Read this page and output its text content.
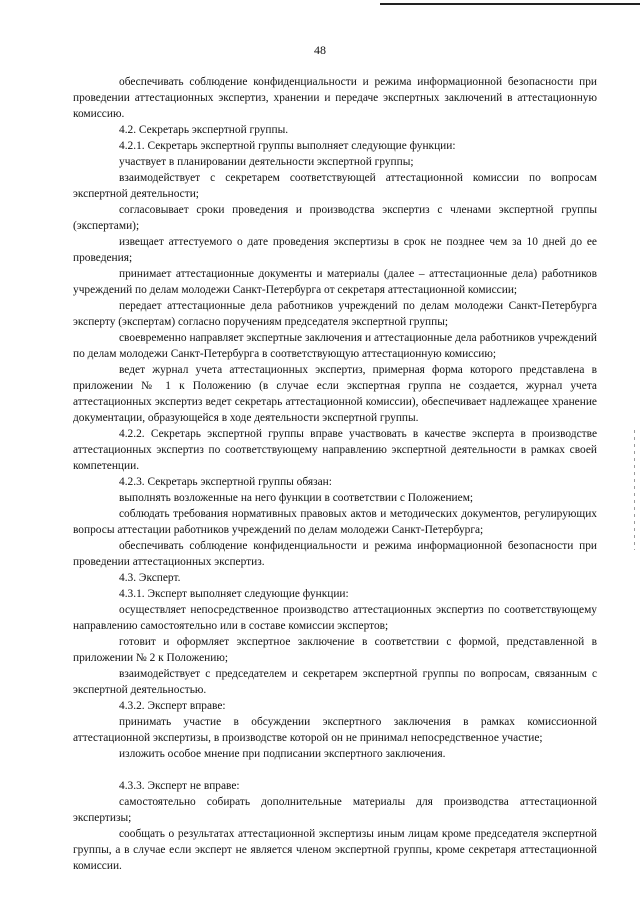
48

обеспечивать соблюдение конфиденциальности и режима информационной безопасности при проведении аттестационных экспертиз, хранении и передаче экспертных заключений в аттестационную комиссию.

4.2. Секретарь экспертной группы.

4.2.1. Секретарь экспертной группы выполняет следующие функции:

участвует в планировании деятельности экспертной группы;

взаимодействует с секретарем соответствующей аттестационной комиссии по вопросам экспертной деятельности;

согласовывает сроки проведения и производства экспертиз с членами экспертной группы (экспертами);

извещает аттестуемого о дате проведения экспертизы в срок не позднее чем за 10 дней до ее проведения;

принимает аттестационные документы и материалы (далее – аттестационные дела) работников учреждений по делам молодежи Санкт-Петербурга от секретаря аттестационной комиссии;

передает аттестационные дела работников учреждений по делам молодежи Санкт-Петербурга эксперту (экспертам) согласно поручениям председателя экспертной группы;

своевременно направляет экспертные заключения и аттестационные дела работников учреждений по делам молодежи Санкт-Петербурга в соответствующую аттестационную комиссию;

ведет журнал учета аттестационных экспертиз, примерная форма которого представлена в приложении № 1 к Положению (в случае если экспертная группа не создается, журнал учета аттестационных экспертиз ведет секретарь аттестационной комиссии), обеспечивает надлежащее хранение документации, образующейся в ходе деятельности экспертной группы.

4.2.2. Секретарь экспертной группы вправе участвовать в качестве эксперта в производстве аттестационных экспертиз по соответствующему направлению экспертной деятельности в рамках своей компетенции.

4.2.3. Секретарь экспертной группы обязан:

выполнять возложенные на него функции в соответствии с Положением;

соблюдать требования нормативных правовых актов и методических документов, регулирующих вопросы аттестации работников учреждений по делам молодежи Санкт-Петербурга;

обеспечивать соблюдение конфиденциальности и режима информационной безопасности при проведении аттестационных экспертиз.

4.3. Эксперт.

4.3.1. Эксперт выполняет следующие функции:

осуществляет непосредственное производство аттестационных экспертиз по соответствующему направлению самостоятельно или в составе комиссии экспертов;

готовит и оформляет экспертное заключение в соответствии с формой, представленной в приложении № 2 к Положению;

взаимодействует с председателем и секретарем экспертной группы по вопросам, связанным с экспертной деятельностью.

4.3.2. Эксперт вправе:

принимать участие в обсуждении экспертного заключения в рамках комиссионной аттестационной экспертизы, в производстве которой он не принимал непосредственное участие;

изложить особое мнение при подписании экспертного заключения.

4.3.3. Эксперт не вправе:

самостоятельно собирать дополнительные материалы для производства аттестационной экспертизы;

сообщать о результатах аттестационной экспертизы иным лицам кроме председателя экспертной группы, а в случае если эксперт не является членом экспертной группы, кроме секретаря аттестационной комиссии.
